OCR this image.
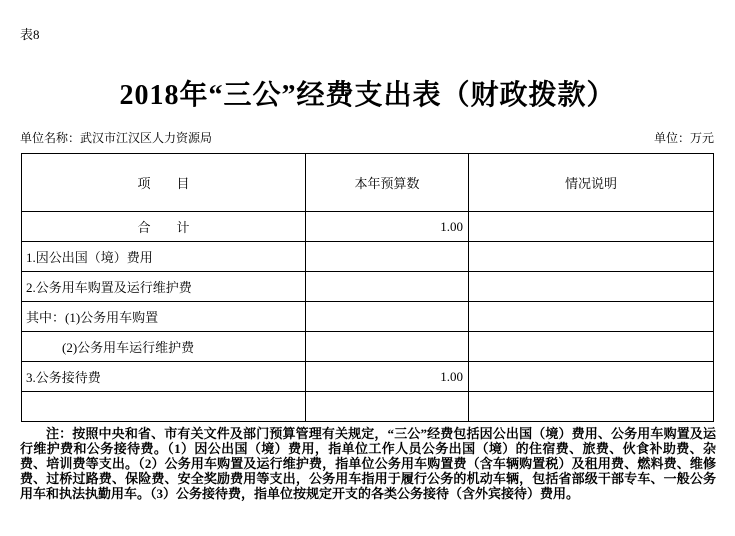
表8
2018年“三公”经费支出表（财政拨款）
单位名称：武汉市江汉区人力资源局	单位：万元
项　　目	本年预算数	情况说明
合　　计	1.00	
1.因公出国（境）费用		
2.公务用车购置及运行维护费		
其中：(1)公务用车购置		
(2)公务用车运行维护费		
3.公务接待费	1.00	

注：按照中央和省、市有关文件及部门预算管理有关规定，“三公”经费包括因公出国（境）费用、公务用车购置及运行维护费和公务接待费。（1）因公出国（境）费用，指单位工作人员公务出国（境）的住宿费、旅费、伙食补助费、杂费、培训费等支出。（2）公务用车购置及运行维护费，指单位公务用车购置费（含车辆购置税）及租用费、燃料费、维修费、过桥过路费、保险费、安全奖励费用等支出，公务用车指用于履行公务的机动车辆，包括省部级干部专车、一般公务用车和执法执勤用车。（3）公务接待费，指单位按规定开支的各类公务接待（含外宾接待）费用。
